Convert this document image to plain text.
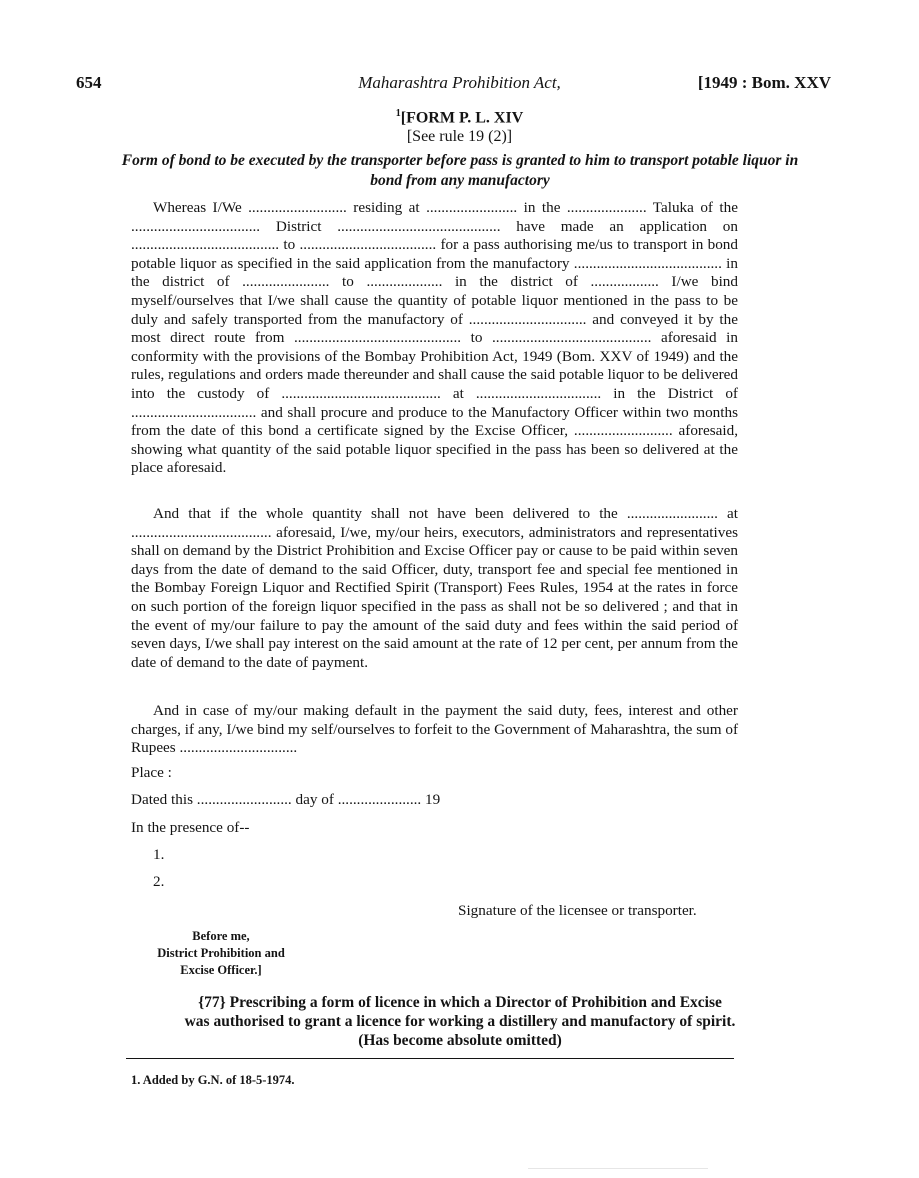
654	Maharashtra Prohibition Act,	[1949 : Bom. XXV
$^1$[FORM P. L. XIV
[See rule 19 (2)]
Form of bond to be executed by the transporter before pass is granted to him to transport potable liquor in bond from any manufactory

Whereas I/We .......................... residing at ........................ in the ..................... Taluka of the .................................. District ........................................... have made an application on ....................................... to .................................... for a pass authorising me/us to transport in bond potable liquor as specified in the said application from the manufactory ....................................... in the district of ....................... to .................... in the district of .................. I/we bind myself/ourselves that I/we shall cause the quantity of potable liquor mentioned in the pass to be duly and safely transported from the manufactory of ............................... and conveyed it by the most direct route from ............................................ to .......................................... aforesaid in conformity with the provisions of the Bombay Prohibition Act, 1949 (Bom. XXV of 1949) and the rules, regulations and orders made thereunder and shall cause the said potable liquor to be delivered into the custody of .......................................... at ................................. in the District of ................................. and shall procure and produce to the Manufactory Officer within two months from the date of this bond a certificate signed by the Excise Officer, .......................... aforesaid, showing what quantity of the said potable liquor specified in the pass has been so delivered at the place aforesaid.

And that if the whole quantity shall not have been delivered to the ........................ at ..................................... aforesaid, I/we, my/our heirs, executors, administrators and representatives shall on demand by the District Prohibition and Excise Officer pay or cause to be paid within seven days from the date of demand to the said Officer, duty, transport fee and special fee mentioned in the Bombay Foreign Liquor and Rectified Spirit (Transport) Fees Rules, 1954 at the rates in force on such portion of the foreign liquor specified in the pass as shall not be so delivered ; and that in the event of my/our failure to pay the amount of the said duty and fees within the said period of seven days, I/we shall pay interest on the said amount at the rate of 12 per cent, per annum from the date of demand to the date of payment.

And in case of my/our making default in the payment the said duty, fees, interest and other charges, if any, I/we bind my self/ourselves to forfeit to the Government of Maharashtra, the sum of Rupees ...............................

Place :
Dated this ......................... day of ...................... 19
In the presence of--
1.
2.
Signature of the licensee or transporter.
Before me,
District Prohibition and
Excise Officer.]
{77} Prescribing a form of licence in which a Director of Prohibition and Excise
was authorised to grant a licence for working a distillery and manufactory of spirit.
(Has become absolute omitted)
1. Added by G.N. of 18-5-1974.
